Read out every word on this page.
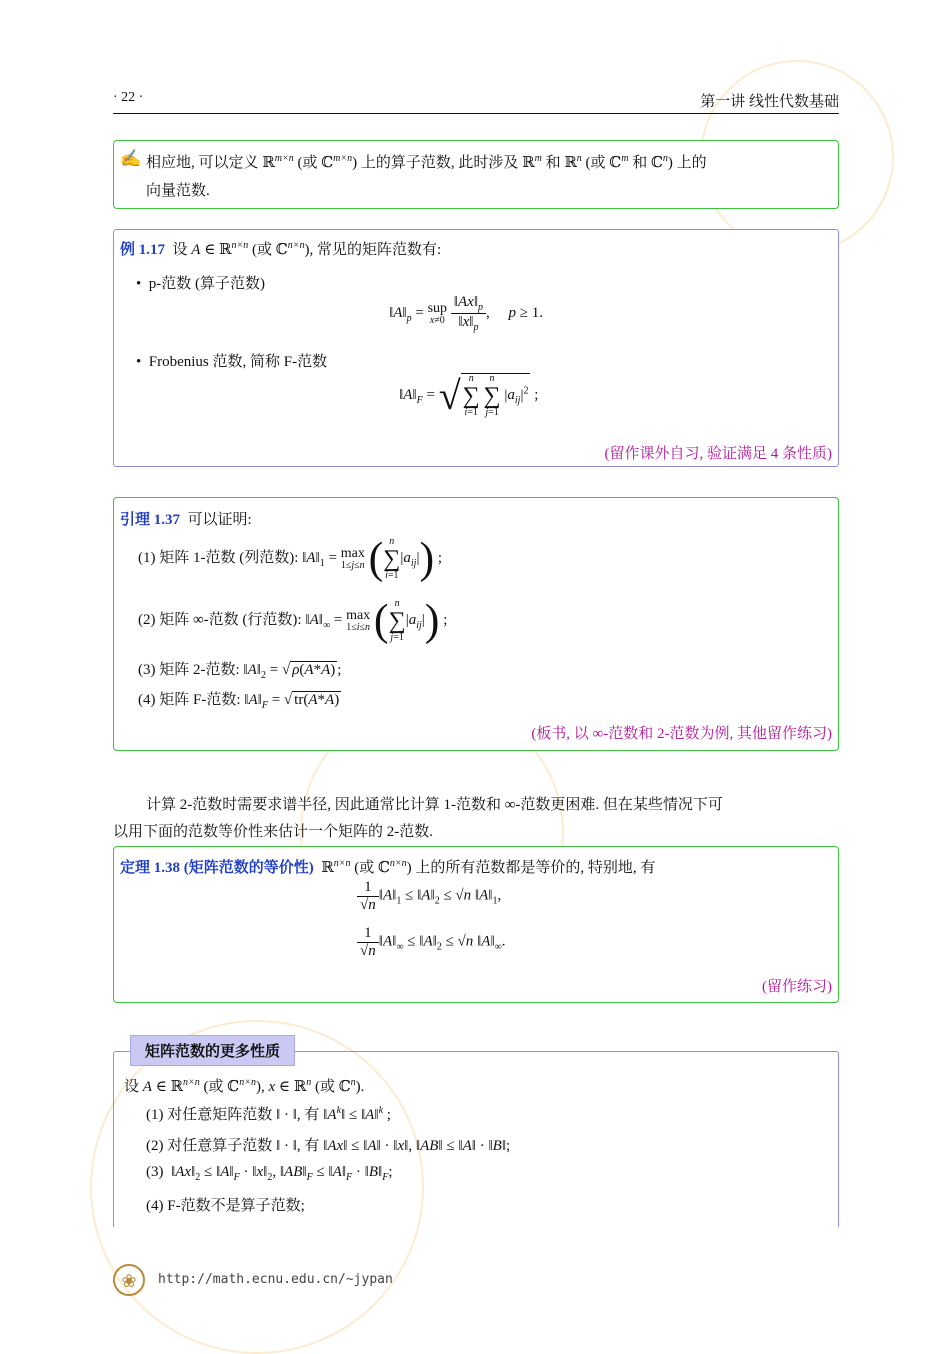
· 22 ·	第一讲 线性代数基础
✍ 相应地, 可以定义 ℝ$^{m\times n}$ (或 ℂ$^{m\times n}$) 上的算子范数, 此时涉及 ℝ$^m$ 和 ℝ$^n$ (或 ℂ$^m$ 和 ℂ$^n$) 上的
向量范数.
例 1.17  设 A ∈ ℝ$^{n\times n}$ (或 ℂ$^{n\times n}$), 常见的矩阵范数有:
•  p-范数 (算子范数)
$‖A‖_p$ = sup
x≠0
$\frac{‖Ax‖_p}{‖x‖_p}$ ,     p ≥ 1.
•  Frobenius 范数, 简称 F-范数
$‖A‖_F$ = √ n
∑
i=1

n
∑
j=1
$|a_{ij}|^2$ ;
(留作课外自习, 验证满足 4 条性质)
引理 1.37 可以证明:
(1) 矩阵 1-范数 (列范数): $‖A‖_1 = \max$
1≤j≤n ( n
∑
i=1
$|a_{ij}|$) ;
(2) 矩阵 ∞-范数 (行范数): $‖A‖_\infty = \max$
1≤i≤n ( n
∑
j=1
$|a_{ij}|$) ;
(3) 矩阵 2-范数: $‖A‖_2$ = √ ρ(A*A) ;
(4) 矩阵 F-范数: $‖A‖_F$ = √ tr(A*A)
(板书, 以 ∞-范数和 2-范数为例, 其他留作练习)
计算 2-范数时需要求谱半径, 因此通常比计算 1-范数和 ∞-范数更困难. 但在某些情况下可
以用下面的范数等价性来估计一个矩阵的 2-范数.
定理 1.38 (矩阵范数的等价性)  ℝ$^{n\times n}$ (或 ℂ$^{n\times n}$) 上的所有范数都是等价的, 特别地, 有
$\frac{1}{√n}$ $‖A‖_1$ ≤ $‖A‖_2 \le √n$ $‖A‖_1$,
$\frac{1}{√n}$ $‖A‖_\infty$ ≤ $‖A‖_2 \le √n$ $‖A‖_\infty$.
(留作练习)
矩阵范数的更多性质
设 A ∈ ℝ$^{n\times n}$ (或 ℂ$^{n\times n}$), x ∈ ℝ$^n$ (或 ℂ$^n$).
(1) 对任意矩阵范数 ‖ · ‖, 有 $‖A^k‖$ ≤ ‖A‖$^k$ ;
(2) 对任意算子范数 ‖ · ‖, 有 ‖Ax‖ ≤ ‖A‖ · ‖x‖, ‖AB‖ ≤ ‖A‖ · ‖B‖;
(3)  $‖Ax‖_2$ ≤ $‖A‖_F$ · $‖x‖_2$, $‖AB‖_F$ ≤ $‖A‖_F$ · $‖B‖_F$;
(4) F-范数不是算子范数;
❀	http://math.ecnu.edu.cn/~jypan
